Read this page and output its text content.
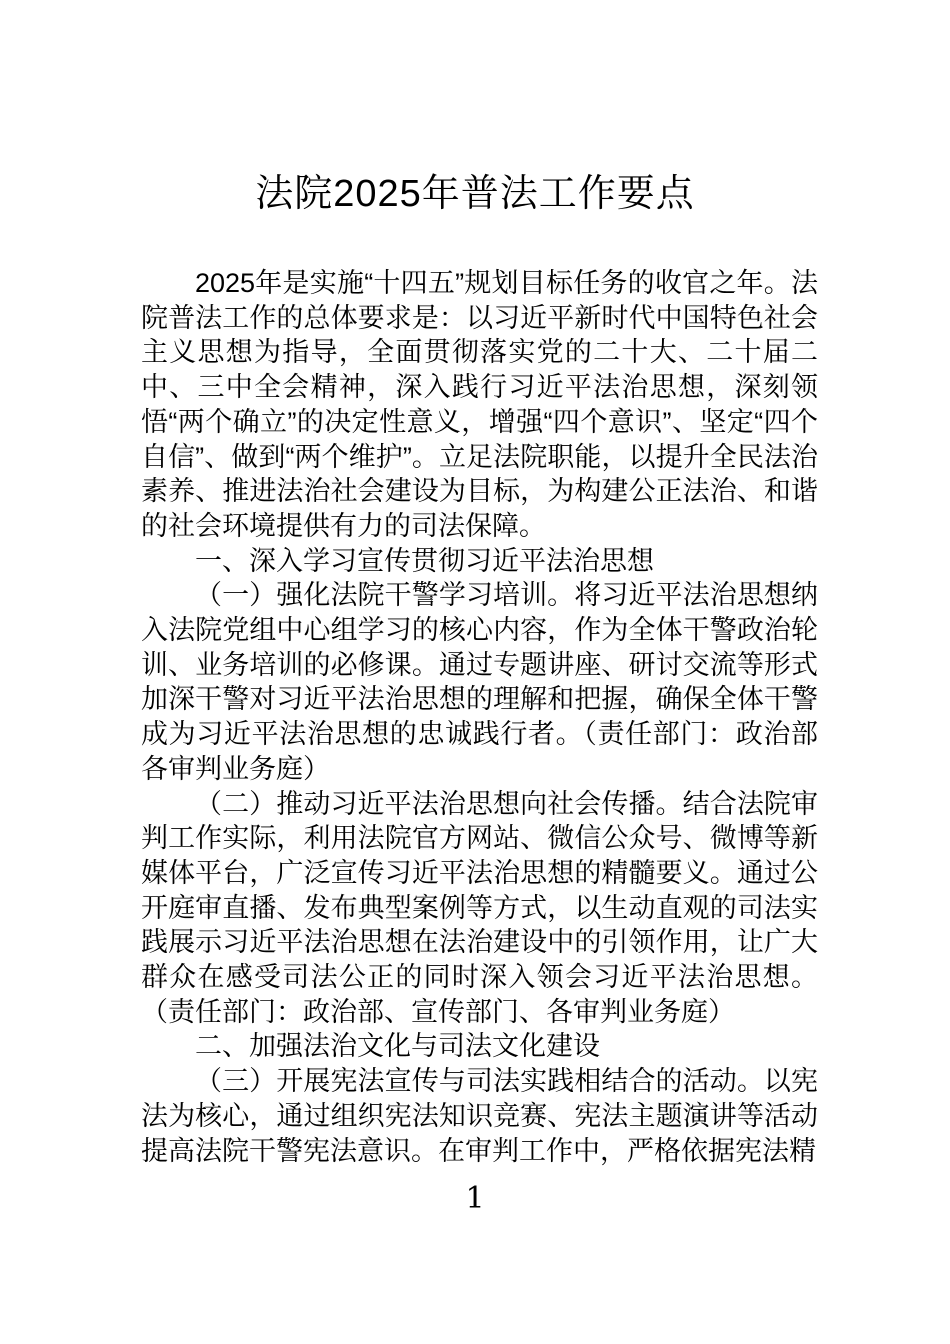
法院2025年普法工作要点

2025年是实施“十四五”规划目标任务的收官之年。法院普法工作的总体要求是：以习近平新时代中国特色社会主义思想为指导，全面贯彻落实党的二十大、二十届二中、三中全会精神，深入践行习近平法治思想，深刻领悟“两个确立”的决定性意义，增强“四个意识”、坚定“四个自信”、做到“两个维护”。立足法院职能，以提升全民法治素养、推进法治社会建设为目标，为构建公正法治、和谐的社会环境提供有力的司法保障。

一、深入学习宣传贯彻习近平法治思想

（一）强化法院干警学习培训。将习近平法治思想纳入法院党组中心组学习的核心内容，作为全体干警政治轮训、业务培训的必修课。通过专题讲座、研讨交流等形式加深干警对习近平法治思想的理解和把握，确保全体干警成为习近平法治思想的忠诚践行者。（责任部门：政治部 各审判业务庭）

（二）推动习近平法治思想向社会传播。结合法院审判工作实际，利用法院官方网站、微信公众号、微博等新媒体平台，广泛宣传习近平法治思想的精髓要义。通过公开庭审直播、发布典型案例等方式，以生动直观的司法实践展示习近平法治思想在法治建设中的引领作用，让广大群众在感受司法公正的同时深入领会习近平法治思想。（责任部门：政治部、宣传部门、各审判业务庭）

二、加强法治文化与司法文化建设

（三）开展宪法宣传与司法实践相结合的活动。以宪法为核心，通过组织宪法知识竞赛、宪法主题演讲等活动提高法院干警宪法意识。在审判工作中，严格依据宪法精

1
